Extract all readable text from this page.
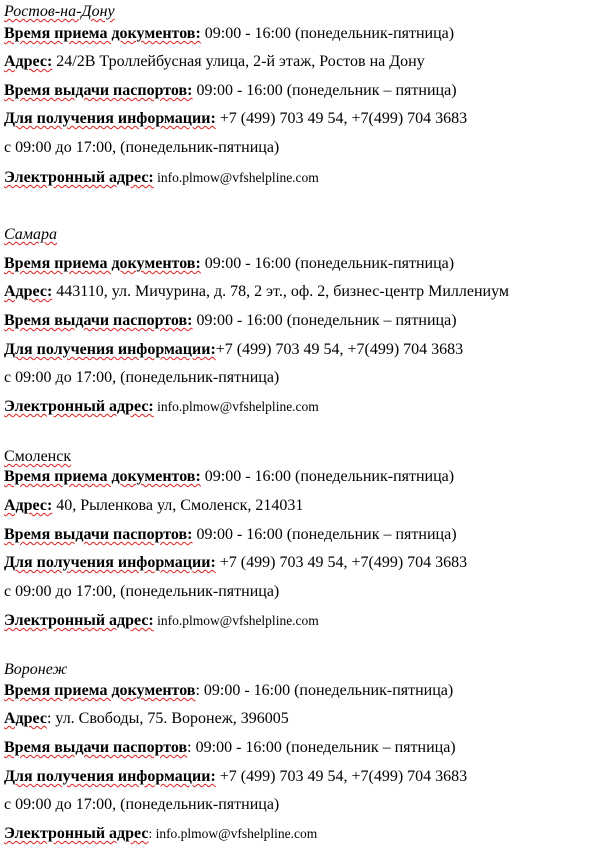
Ростов-на-Дону
Время приема документов: 09:00 - 16:00 (понедельник-пятница)
Адрес: 24/2В Троллейбусная улица, 2-й этаж, Ростов на Дону
Время выдачи паспортов: 09:00 - 16:00 (понедельник – пятница)
Для получения информации: +7 (499) 703 49 54, +7(499) 704 3683
с 09:00 до 17:00, (понедельник-пятница)
Электронный адрес: info.plmow@vfshelpline.com
Самара
Время приема документов: 09:00 - 16:00 (понедельник-пятница)
Адрес: 443110, ул. Мичурина, д. 78, 2 эт., оф. 2, бизнес-центр Миллениум
Время выдачи паспортов: 09:00 - 16:00 (понедельник – пятница)
Для получения информации:+7 (499) 703 49 54, +7(499) 704 3683
с 09:00 до 17:00, (понедельник-пятница)
Электронный адрес: info.plmow@vfshelpline.com
Смоленск
Время приема документов: 09:00 - 16:00 (понедельник-пятница)
Адрес: 40, Рыленкова ул, Смоленск, 214031
Время выдачи паспортов: 09:00 - 16:00 (понедельник – пятница)
Для получения информации: +7 (499) 703 49 54, +7(499) 704 3683
с 09:00 до 17:00, (понедельник-пятница)
Электронный адрес: info.plmow@vfshelpline.com
Воронеж
Время приема документов: 09:00 - 16:00 (понедельник-пятница)
Адрес: ул. Свободы, 75. Воронеж, 396005
Время выдачи паспортов: 09:00 - 16:00 (понедельник – пятница)
Для получения информации: +7 (499) 703 49 54, +7(499) 704 3683
с 09:00 до 17:00, (понедельник-пятница)
Электронный адрес: info.plmow@vfshelpline.com
